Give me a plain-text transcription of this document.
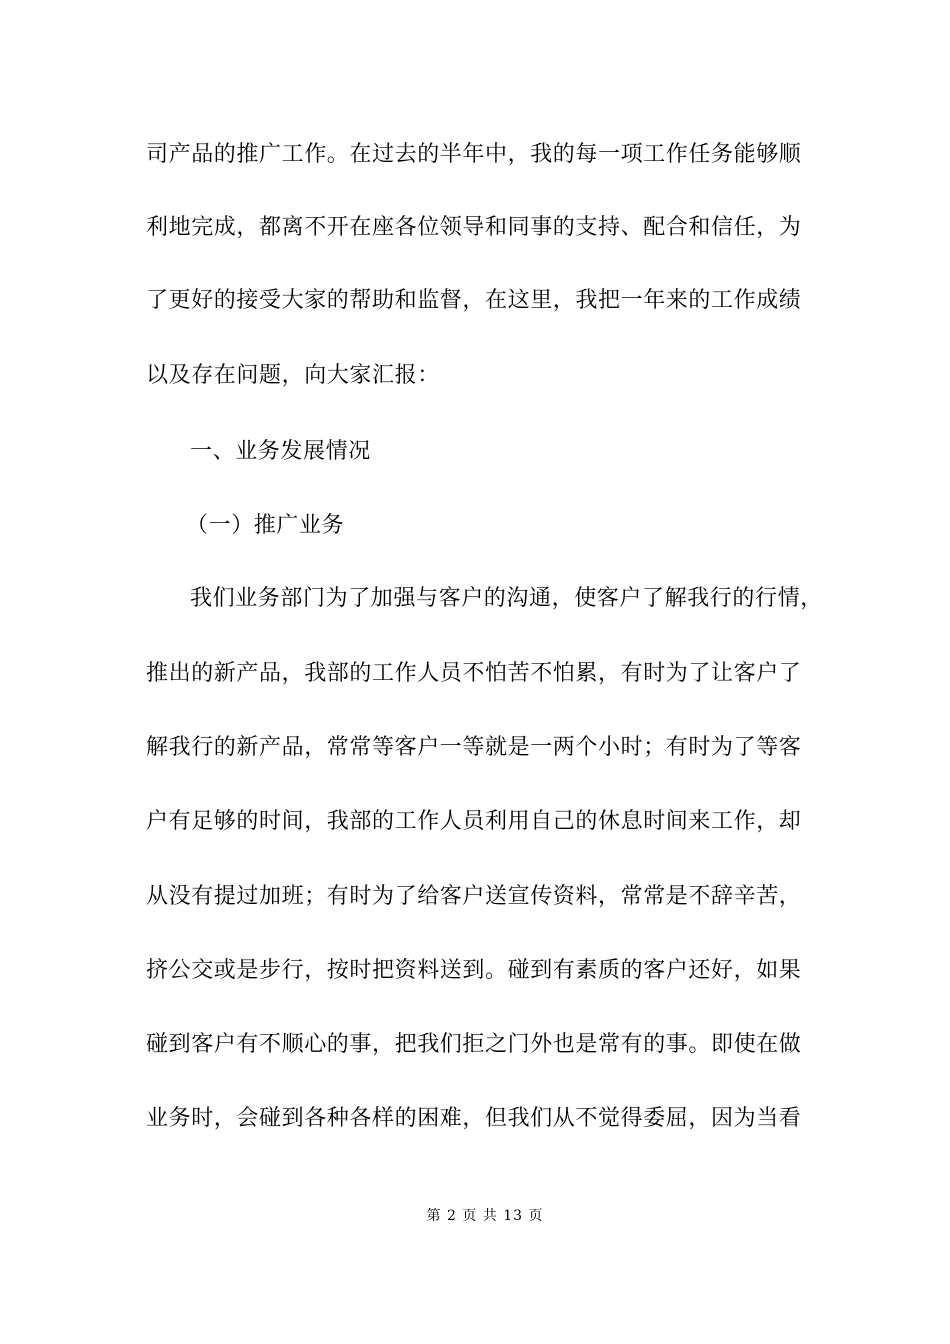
司产品的推广工作。在过去的半年中，我的每一项工作任务能够顺
利地完成，都离不开在座各位领导和同事的支持、配合和信任，为
了更好的接受大家的帮助和监督，在这里，我把一年来的工作成绩
以及存在问题，向大家汇报：
一、业务发展情况
（一）推广业务
我们业务部门为了加强与客户的沟通，使客户了解我行的行情，
推出的新产品，我部的工作人员不怕苦不怕累，有时为了让客户了
解我行的新产品，常常等客户一等就是一两个小时；有时为了等客
户有足够的时间，我部的工作人员利用自己的休息时间来工作，却
从没有提过加班；有时为了给客户送宣传资料，常常是不辞辛苦，
挤公交或是步行，按时把资料送到。碰到有素质的客户还好，如果
碰到客户有不顺心的事，把我们拒之门外也是常有的事。即使在做
业务时，会碰到各种各样的困难，但我们从不觉得委屈，因为当看
第 2 页 共 13 页
